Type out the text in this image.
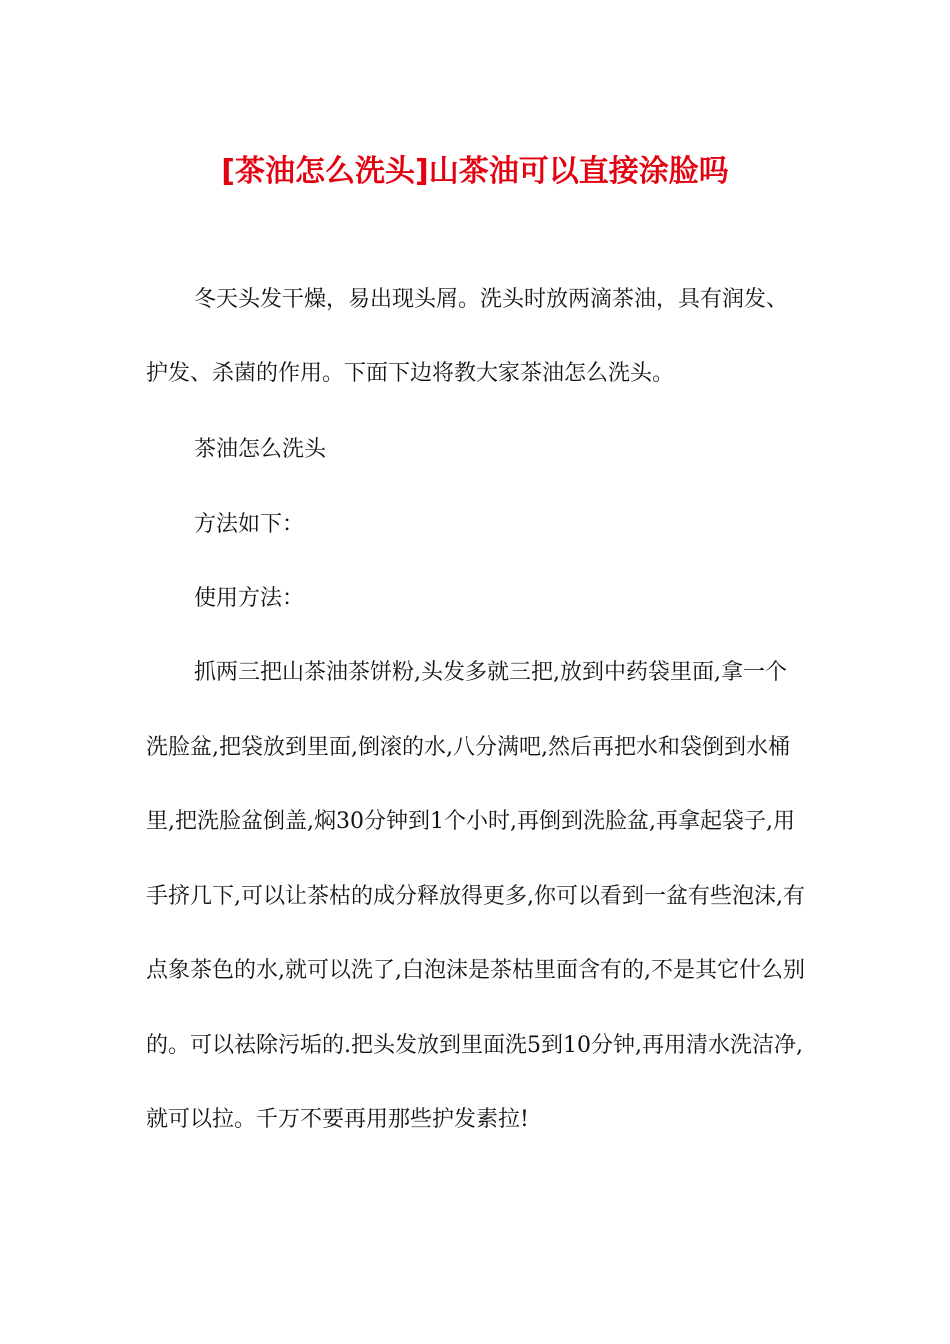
[茶油怎么洗头]山茶油可以直接涂脸吗

冬天头发干燥，易出现头屑。洗头时放两滴茶油，具有润发、护发、杀菌的作用。下面下边将教大家茶油怎么洗头。

茶油怎么洗头

方法如下：

使用方法：

抓两三把山茶油茶饼粉,头发多就三把,放到中药袋里面,拿一个洗脸盆,把袋放到里面,倒滚的水,八分满吧,然后再把水和袋倒到水桶里,把洗脸盆倒盖,焖30分钟到1个小时,再倒到洗脸盆,再拿起袋子,用手挤几下,可以让茶枯的成分释放得更多,你可以看到一盆有些泡沫,有点象茶色的水,就可以洗了,白泡沫是茶枯里面含有的,不是其它什么别的。可以祛除污垢的.把头发放到里面洗5到10分钟,再用清水洗洁净,就可以拉。千万不要再用那些护发素拉!
